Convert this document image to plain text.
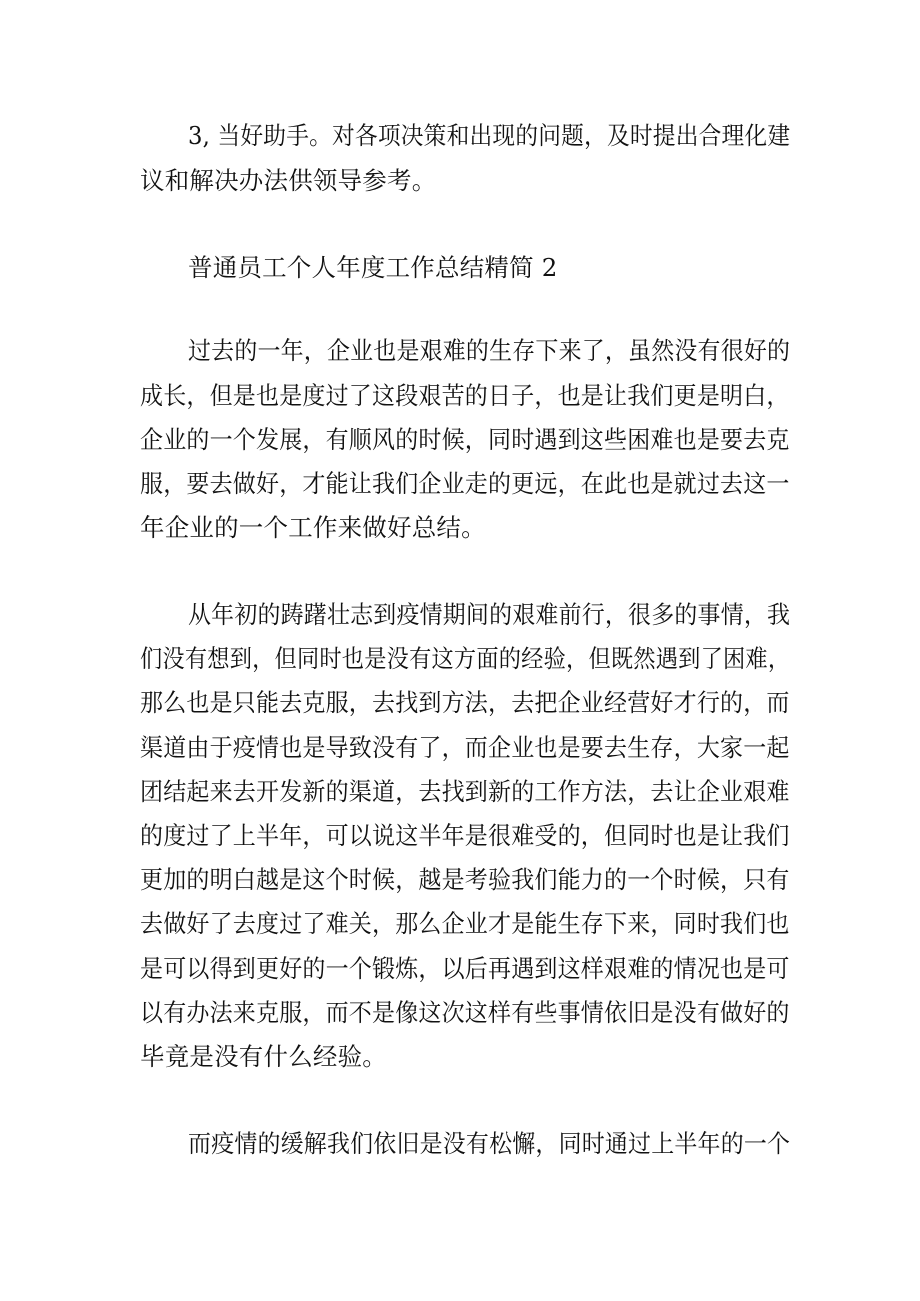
3, 当好助手。对各项决策和出现的问题，及时提出合理化建
议和解决办法供领导参考。
普通员工个人年度工作总结精简 2
过去的一年，企业也是艰难的生存下来了，虽然没有很好的
成长，但是也是度过了这段艰苦的日子，也是让我们更是明白，
企业的一个发展，有顺风的时候，同时遇到这些困难也是要去克
服，要去做好，才能让我们企业走的更远，在此也是就过去这一
年企业的一个工作来做好总结。
从年初的踌躇壮志到疫情期间的艰难前行，很多的事情，我
们没有想到，但同时也是没有这方面的经验，但既然遇到了困难，
那么也是只能去克服，去找到方法，去把企业经营好才行的，而
渠道由于疫情也是导致没有了，而企业也是要去生存，大家一起
团结起来去开发新的渠道，去找到新的工作方法，去让企业艰难
的度过了上半年，可以说这半年是很难受的，但同时也是让我们
更加的明白越是这个时候，越是考验我们能力的一个时候，只有
去做好了去度过了难关，那么企业才是能生存下来，同时我们也
是可以得到更好的一个锻炼，以后再遇到这样艰难的情况也是可
以有办法来克服，而不是像这次这样有些事情依旧是没有做好的
毕竟是没有什么经验。
而疫情的缓解我们依旧是没有松懈，同时通过上半年的一个
